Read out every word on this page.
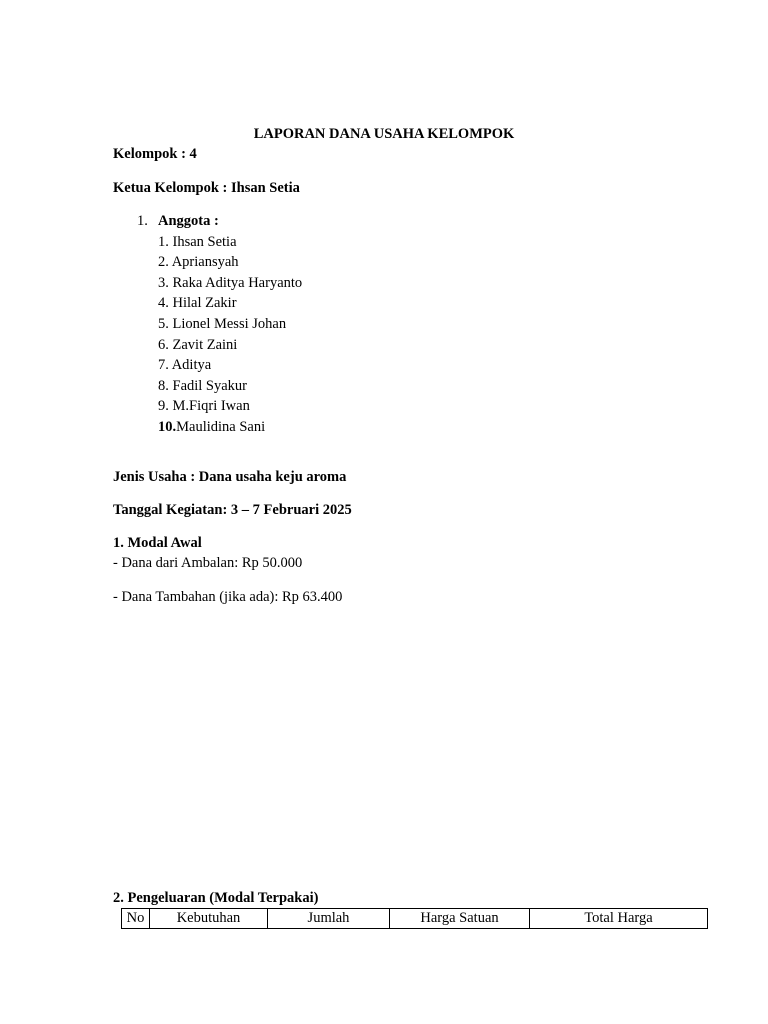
LAPORAN DANA USAHA KELOMPOK
Kelompok : 4
Ketua Kelompok : Ihsan Setia
1. Anggota :
1. Ihsan Setia
2. Apriansyah
3. Raka Aditya Haryanto
4. Hilal Zakir
5. Lionel Messi Johan
6. Zavit Zaini
7. Aditya
8. Fadil Syakur
9. M.Fiqri Iwan
10.Maulidina Sani
Jenis Usaha : Dana usaha keju aroma
Tanggal Kegiatan: 3 – 7 Februari 2025
1. Modal Awal
- Dana dari Ambalan: Rp 50.000
- Dana Tambahan (jika ada): Rp 63.400
2. Pengeluaran (Modal Terpakai)
No	Kebutuhan	Jumlah	Harga Satuan	Total Harga
